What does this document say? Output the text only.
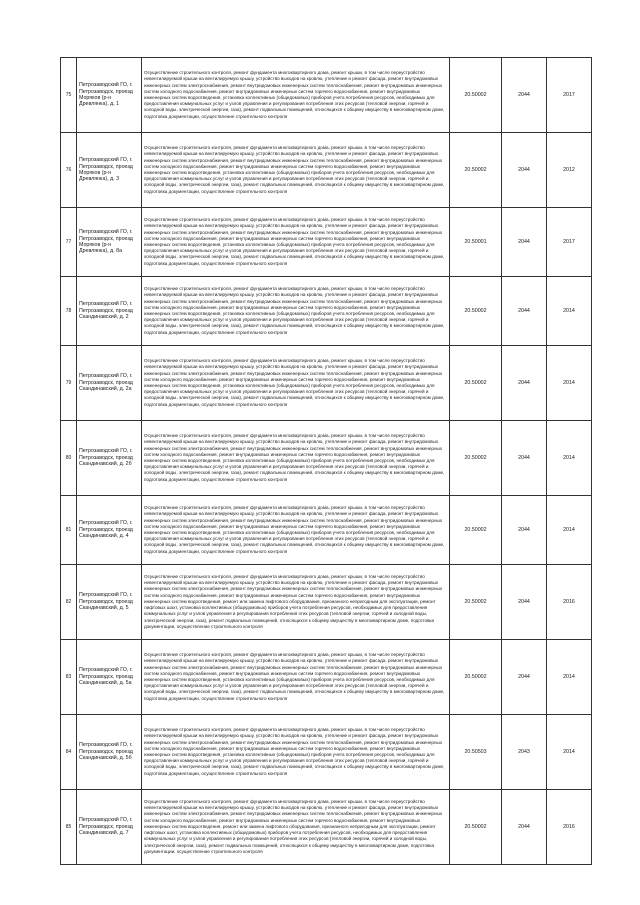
75	Петрозаводский ГО, г. Петрозаводск, проезд Моряков (р-н Древлянка), д. 1	Осуществление строительного контроля, ремонт фундамента многоквартирного дома, ремонт крыши, в том числе переустройство невентилируемой крыши на вентилируемую крышу, устройство выходов на кровлю, утепление и ремонт фасада, ремонт внутридомовых инженерных систем электроснабжения, ремонт внутридомовых инженерных систем теплоснабжения, ремонт внутридомовых инженерных систем холодного водоснабжения, ремонт внутридомовых инженерных систем горячего водоснабжения, ремонт внутридомовых инженерных систем водоотведения, установка коллективных (общедомовых) приборов учета потребления ресурсов, необходимых для предоставления коммунальных услуг и узлов управления и регулирования потребления этих ресурсов (тепловой энергии, горячей и холодной воды, электрической энергии, газа), ремонт подвальных помещений, относящихся к общему имуществу в многоквартирном доме, подготовка документации, осуществление строительного контроля	20.50002	2044	2017
76	Петрозаводский ГО, г. Петрозаводск, проезд Моряков (р-н Древлянка), д. 3	Осуществление строительного контроля, ремонт фундамента многоквартирного дома, ремонт крыши, в том числе переустройство невентилируемой крыши на вентилируемую крышу, устройство выходов на кровлю, утепление и ремонт фасада, ремонт внутридомовых инженерных систем электроснабжения, ремонт внутридомовых инженерных систем теплоснабжения, ремонт внутридомовых инженерных систем холодного водоснабжения, ремонт внутридомовых инженерных систем горячего водоснабжения, ремонт внутридомовых инженерных систем водоотведения, установка коллективных (общедомовых) приборов учета потребления ресурсов, необходимых для предоставления коммунальных услуг и узлов управления и регулирования потребления этих ресурсов (тепловой энергии, горячей и холодной воды, электрической энергии, газа), ремонт подвальных помещений, относящихся к общему имуществу в многоквартирном доме, подготовка документации, осуществление строительного контроля	20.50002	2044	2012
77	Петрозаводский ГО, г. Петрозаводск, проезд Моряков (р-н Древлянка), д. 8а	Осуществление строительного контроля, ремонт фундамента многоквартирного дома, ремонт крыши, в том числе переустройство невентилируемой крыши на вентилируемую крышу, устройство выходов на кровлю, утепление и ремонт фасада, ремонт внутридомовых инженерных систем электроснабжения, ремонт внутридомовых инженерных систем теплоснабжения, ремонт внутридомовых инженерных систем холодного водоснабжения, ремонт внутридомовых инженерных систем горячего водоснабжения, ремонт внутридомовых инженерных систем водоотведения, установка коллективных (общедомовых) приборов учета потребления ресурсов, необходимых для предоставления коммунальных услуг и узлов управления и регулирования потребления этих ресурсов (тепловой энергии, горячей и холодной воды, электрической энергии, газа), ремонт подвальных помещений, относящихся к общему имуществу в многоквартирном доме, подготовка документации, осуществление строительного контроля	20.50001	2044	2017
78	Петрозаводский ГО, г. Петрозаводск, проезд Скандинавский, д. 2	Осуществление строительного контроля, ремонт фундамента многоквартирного дома, ремонт крыши, в том числе переустройство невентилируемой крыши на вентилируемую крышу, устройство выходов на кровлю, утепление и ремонт фасада, ремонт внутридомовых инженерных систем электроснабжения, ремонт внутридомовых инженерных систем теплоснабжения, ремонт внутридомовых инженерных систем холодного водоснабжения, ремонт внутридомовых инженерных систем горячего водоснабжения, ремонт внутридомовых инженерных систем водоотведения, установка коллективных (общедомовых) приборов учета потребления ресурсов, необходимых для предоставления коммунальных услуг и узлов управления и регулирования потребления этих ресурсов (тепловой энергии, горячей и холодной воды, электрической энергии, газа), ремонт подвальных помещений, относящихся к общему имуществу в многоквартирном доме, подготовка документации, осуществление строительного контроля	20.50002	2044	2014
79	Петрозаводский ГО, г. Петрозаводск, проезд Скандинавский, д. 2а	Осуществление строительного контроля, ремонт фундамента многоквартирного дома, ремонт крыши, в том числе переустройство невентилируемой крыши на вентилируемую крышу, устройство выходов на кровлю, утепление и ремонт фасада, ремонт внутридомовых инженерных систем электроснабжения, ремонт внутридомовых инженерных систем теплоснабжения, ремонт внутридомовых инженерных систем холодного водоснабжения, ремонт внутридомовых инженерных систем горячего водоснабжения, ремонт внутридомовых инженерных систем водоотведения, установка коллективных (общедомовых) приборов учета потребления ресурсов, необходимых для предоставления коммунальных услуг и узлов управления и регулирования потребления этих ресурсов (тепловой энергии, горячей и холодной воды, электрической энергии, газа), ремонт подвальных помещений, относящихся к общему имуществу в многоквартирном доме, подготовка документации, осуществление строительного контроля	20.50002	2044	2014
80	Петрозаводский ГО, г. Петрозаводск, проезд Скандинавский, д. 2б	Осуществление строительного контроля, ремонт фундамента многоквартирного дома, ремонт крыши, в том числе переустройство невентилируемой крыши на вентилируемую крышу, устройство выходов на кровлю, утепление и ремонт фасада, ремонт внутридомовых инженерных систем электроснабжения, ремонт внутридомовых инженерных систем теплоснабжения, ремонт внутридомовых инженерных систем холодного водоснабжения, ремонт внутридомовых инженерных систем горячего водоснабжения, ремонт внутридомовых инженерных систем водоотведения, установка коллективных (общедомовых) приборов учета потребления ресурсов, необходимых для предоставления коммунальных услуг и узлов управления и регулирования потребления этих ресурсов (тепловой энергии, горячей и холодной воды, электрической энергии, газа), ремонт подвальных помещений, относящихся к общему имуществу в многоквартирном доме, подготовка документации, осуществление строительного контроля	20.50002	2044	2014
81	Петрозаводский ГО, г. Петрозаводск, проезд Скандинавский, д. 4	Осуществление строительного контроля, ремонт фундамента многоквартирного дома, ремонт крыши, в том числе переустройство невентилируемой крыши на вентилируемую крышу, устройство выходов на кровлю, утепление и ремонт фасада, ремонт внутридомовых инженерных систем электроснабжения, ремонт внутридомовых инженерных систем теплоснабжения, ремонт внутридомовых инженерных систем холодного водоснабжения, ремонт внутридомовых инженерных систем горячего водоснабжения, ремонт внутридомовых инженерных систем водоотведения, установка коллективных (общедомовых) приборов учета потребления ресурсов, необходимых для предоставления коммунальных услуг и узлов управления и регулирования потребления этих ресурсов (тепловой энергии, горячей и холодной воды, электрической энергии, газа), ремонт подвальных помещений, относящихся к общему имуществу в многоквартирном доме, подготовка документации, осуществление строительного контроля	20.50002	2044	2014
82	Петрозаводский ГО, г. Петрозаводск, проезд Скандинавский, д. 5	Осуществление строительного контроля, ремонт фундамента многоквартирного дома, ремонт крыши, в том числе переустройство невентилируемой крыши на вентилируемую крышу, устройство выходов на кровлю, утепление и ремонт фасада, ремонт внутридомовых инженерных систем электроснабжения, ремонт внутридомовых инженерных систем теплоснабжения, ремонт внутридомовых инженерных систем холодного водоснабжения, ремонт внутридомовых инженерных систем горячего водоснабжения, ремонт внутридомовых инженерных систем водоотведения, ремонт или замена лифтового оборудования, признанного непригодным для эксплуатации, ремонт лифтовых шахт, установка коллективных (общедомовых) приборов учета потребления ресурсов, необходимых для предоставления коммунальных услуг и узлов управления и регулирования потребления этих ресурсов (тепловой энергии, горячей и холодной воды, электрической энергии, газа), ремонт подвальных помещений, относящихся к общему имуществу в многоквартирном доме, подготовка документации, осуществление строительного контроля	20.50002	2044	2016
83	Петрозаводский ГО, г. Петрозаводск, проезд Скандинавский, д. 5а	Осуществление строительного контроля, ремонт фундамента многоквартирного дома, ремонт крыши, в том числе переустройство невентилируемой крыши на вентилируемую крышу, устройство выходов на кровлю, утепление и ремонт фасада, ремонт внутридомовых инженерных систем электроснабжения, ремонт внутридомовых инженерных систем теплоснабжения, ремонт внутридомовых инженерных систем холодного водоснабжения, ремонт внутридомовых инженерных систем горячего водоснабжения, ремонт внутридомовых инженерных систем водоотведения, установка коллективных (общедомовых) приборов учета потребления ресурсов, необходимых для предоставления коммунальных услуг и узлов управления и регулирования потребления этих ресурсов (тепловой энергии, горячей и холодной воды, электрической энергии, газа), ремонт подвальных помещений, относящихся к общему имуществу в многоквартирном доме, подготовка документации, осуществление строительного контроля	20.50002	2044	2014
84	Петрозаводский ГО, г. Петрозаводск, проезд Скандинавский, д. 5б	Осуществление строительного контроля, ремонт фундамента многоквартирного дома, ремонт крыши, в том числе переустройство невентилируемой крыши на вентилируемую крышу, устройство выходов на кровлю, утепление и ремонт фасада, ремонт внутридомовых инженерных систем электроснабжения, ремонт внутридомовых инженерных систем теплоснабжения, ремонт внутридомовых инженерных систем холодного водоснабжения, ремонт внутридомовых инженерных систем горячего водоснабжения, ремонт внутридомовых инженерных систем водоотведения, установка коллективных (общедомовых) приборов учета потребления ресурсов, необходимых для предоставления коммунальных услуг и узлов управления и регулирования потребления этих ресурсов (тепловой энергии, горячей и холодной воды, электрической энергии, газа), ремонт подвальных помещений, относящихся к общему имуществу в многоквартирном доме, подготовка документации, осуществление строительного контроля	20.50503	2043	2014
85	Петрозаводский ГО, г. Петрозаводск, проезд Скандинавский, д. 7	Осуществление строительного контроля, ремонт фундамента многоквартирного дома, ремонт крыши, в том числе переустройство невентилируемой крыши на вентилируемую крышу, устройство выходов на кровлю, утепление и ремонт фасада, ремонт внутридомовых инженерных систем электроснабжения, ремонт внутридомовых инженерных систем теплоснабжения, ремонт внутридомовых инженерных систем холодного водоснабжения, ремонт внутридомовых инженерных систем горячего водоснабжения, ремонт внутридомовых инженерных систем водоотведения, ремонт или замена лифтового оборудования, признанного непригодным для эксплуатации, ремонт лифтовых шахт, установка коллективных (общедомовых) приборов учета потребления ресурсов, необходимых для предоставления коммунальных услуг и узлов управления и регулирования потребления этих ресурсов (тепловой энергии, горячей и холодной воды, электрической энергии, газа), ремонт подвальных помещений, относящихся к общему имуществу в многоквартирном доме, подготовка документации, осуществление строительного контроля	20.50002	2044	2016
